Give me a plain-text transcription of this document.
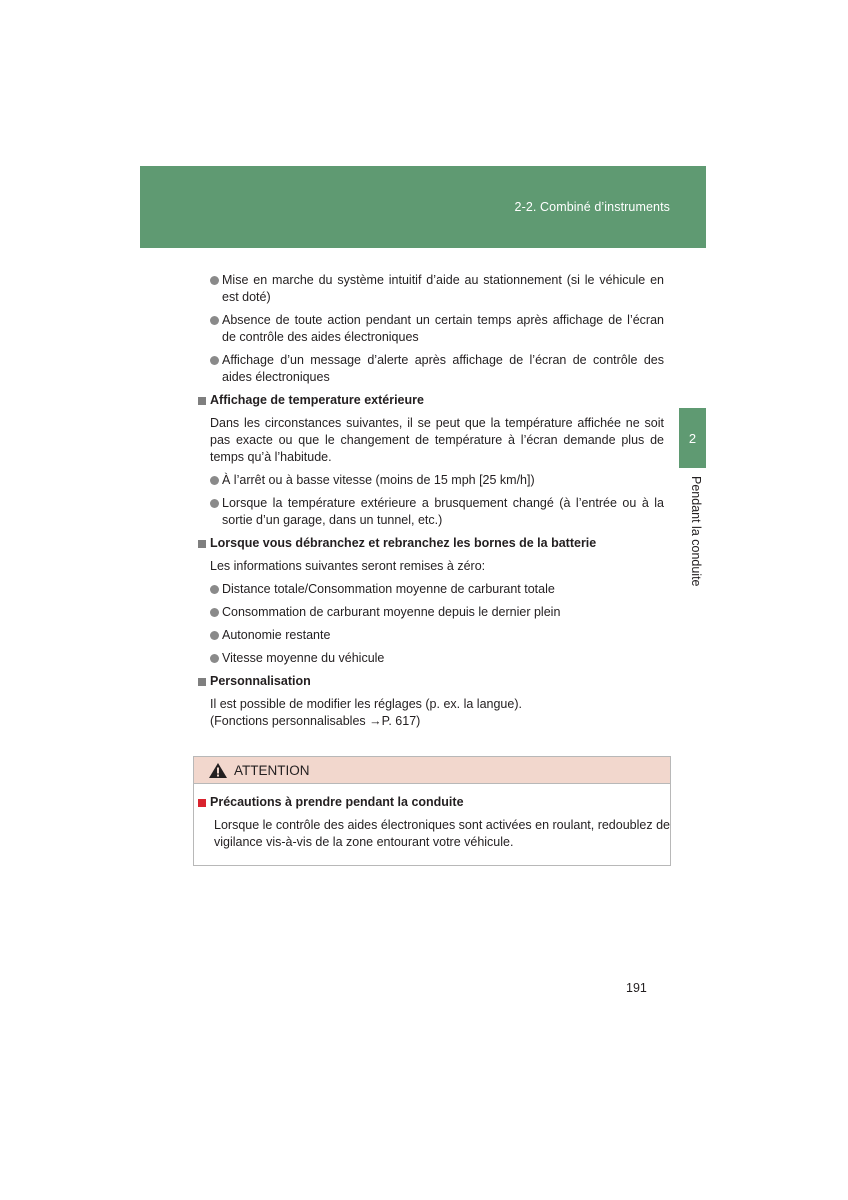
2-2. Combiné d’instruments
2
Pendant la conduite
Mise en marche du système intuitif d’aide au stationnement (si le véhicule en est doté)
Absence de toute action pendant un certain temps après affichage de l’écran de contrôle des aides électroniques
Affichage d’un message d’alerte après affichage de l’écran de contrôle des aides électroniques
Affichage de temperature extérieure
Dans les circonstances suivantes, il se peut que la température affichée ne soit pas exacte ou que le changement de température à l’écran demande plus de temps qu’à l’habitude.
À l’arrêt ou à basse vitesse (moins de 15 mph [25 km/h])
Lorsque la température extérieure a brusquement changé (à l’entrée ou à la sortie d’un garage, dans un tunnel, etc.)
Lorsque vous débranchez et rebranchez les bornes de la batterie
Les informations suivantes seront remises à zéro:
Distance totale/Consommation moyenne de carburant totale
Consommation de carburant moyenne depuis le dernier plein
Autonomie restante
Vitesse moyenne du véhicule
Personnalisation
Il est possible de modifier les réglages (p. ex. la langue).
(Fonctions personnalisables →P. 617)
ATTENTION
Précautions à prendre pendant la conduite
Lorsque le contrôle des aides électroniques sont activées en roulant, redoublez de vigilance vis-à-vis de la zone entourant votre véhicule.
191
